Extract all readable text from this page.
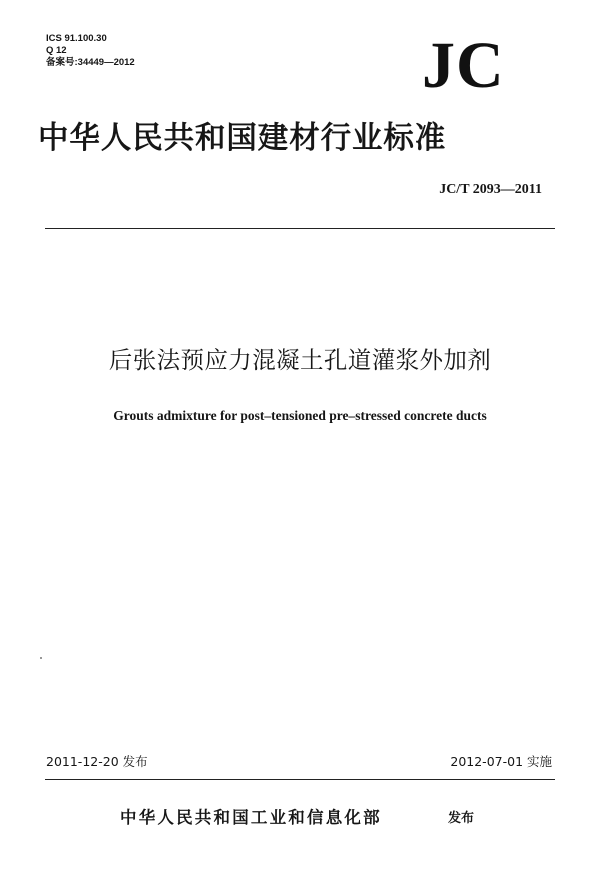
ICS 91.100.30
Q 12
备案号:34449—2012	JC
中华人民共和国建材行业标准
JC/T 2093—2011
后张法预应力混凝土孔道灌浆外加剂
Grouts admixture for post–tensioned pre–stressed concrete ducts
2011-12-20 发布	2012-07-01 实施
中华人民共和国工业和信息化部	发布
